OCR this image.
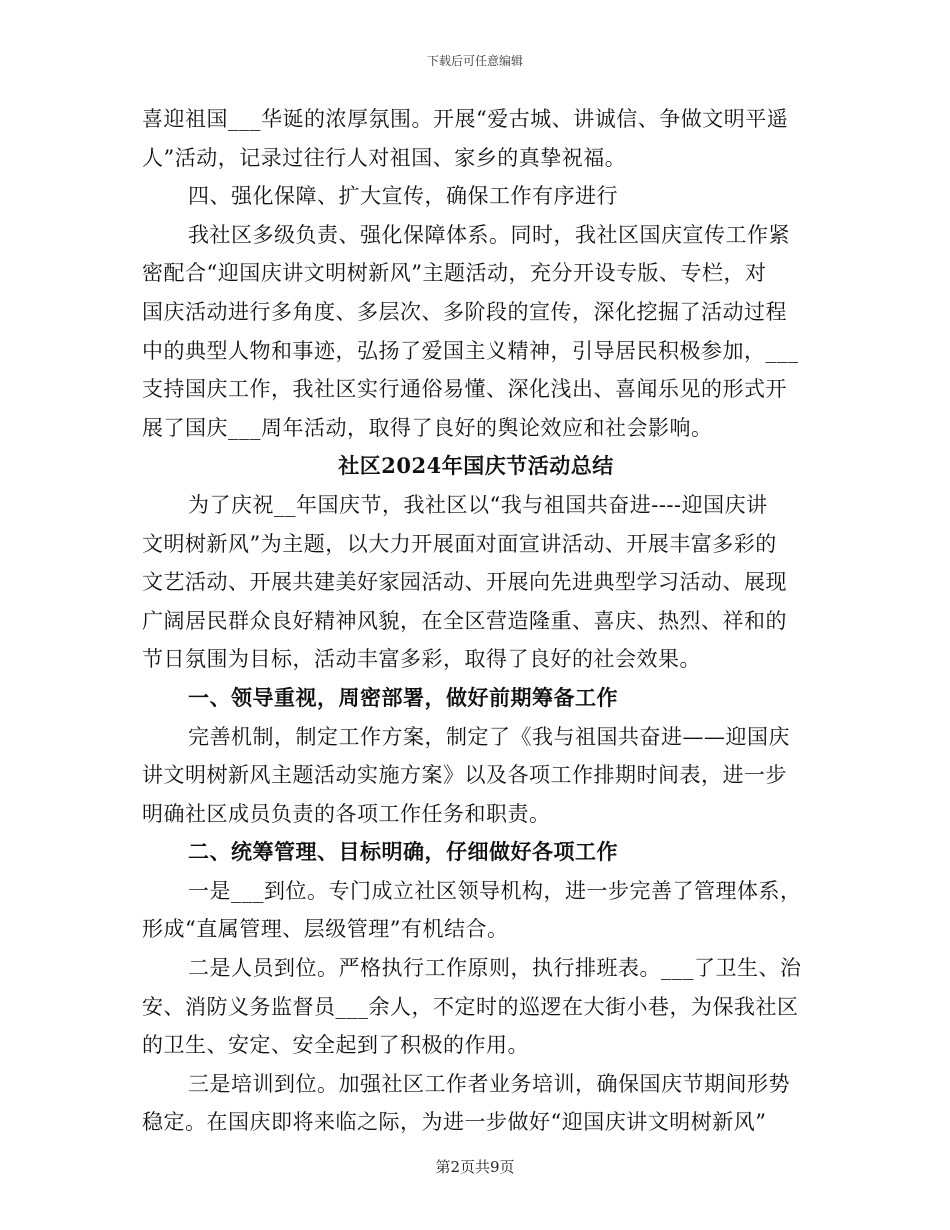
下载后可任意编辑
喜迎祖国___华诞的浓厚氛围。开展“爱古城、讲诚信、争做文明平遥
人”活动，记录过往行人对祖国、家乡的真挚祝福。
四、强化保障、扩大宣传，确保工作有序进行
我社区多级负责、强化保障体系。同时，我社区国庆宣传工作紧
密配合“迎国庆讲文明树新风”主题活动，充分开设专版、专栏，对
国庆活动进行多角度、多层次、多阶段的宣传，深化挖掘了活动过程
中的典型人物和事迹，弘扬了爱国主义精神，引导居民积极参加，___
支持国庆工作，我社区实行通俗易懂、深化浅出、喜闻乐见的形式开
展了国庆___周年活动，取得了良好的舆论效应和社会影响。
社区2024年国庆节活动总结
为了庆祝__年国庆节，我社区以“我与祖国共奋进----迎国庆讲
文明树新风”为主题，以大力开展面对面宣讲活动、开展丰富多彩的
文艺活动、开展共建美好家园活动、开展向先进典型学习活动、展现
广阔居民群众良好精神风貌，在全区营造隆重、喜庆、热烈、祥和的
节日氛围为目标，活动丰富多彩，取得了良好的社会效果。
一、领导重视，周密部署，做好前期筹备工作
完善机制，制定工作方案，制定了《我与祖国共奋进——迎国庆
讲文明树新风主题活动实施方案》以及各项工作排期时间表，进一步
明确社区成员负责的各项工作任务和职责。
二、统筹管理、目标明确，仔细做好各项工作
一是___到位。专门成立社区领导机构，进一步完善了管理体系，
形成“直属管理、层级管理”有机结合。
二是人员到位。严格执行工作原则，执行排班表。___了卫生、治
安、消防义务监督员___余人，不定时的巡逻在大街小巷，为保我社区
的卫生、安定、安全起到了积极的作用。
三是培训到位。加强社区工作者业务培训，确保国庆节期间形势
稳定。在国庆即将来临之际，为进一步做好“迎国庆讲文明树新风”
第2页共9页
